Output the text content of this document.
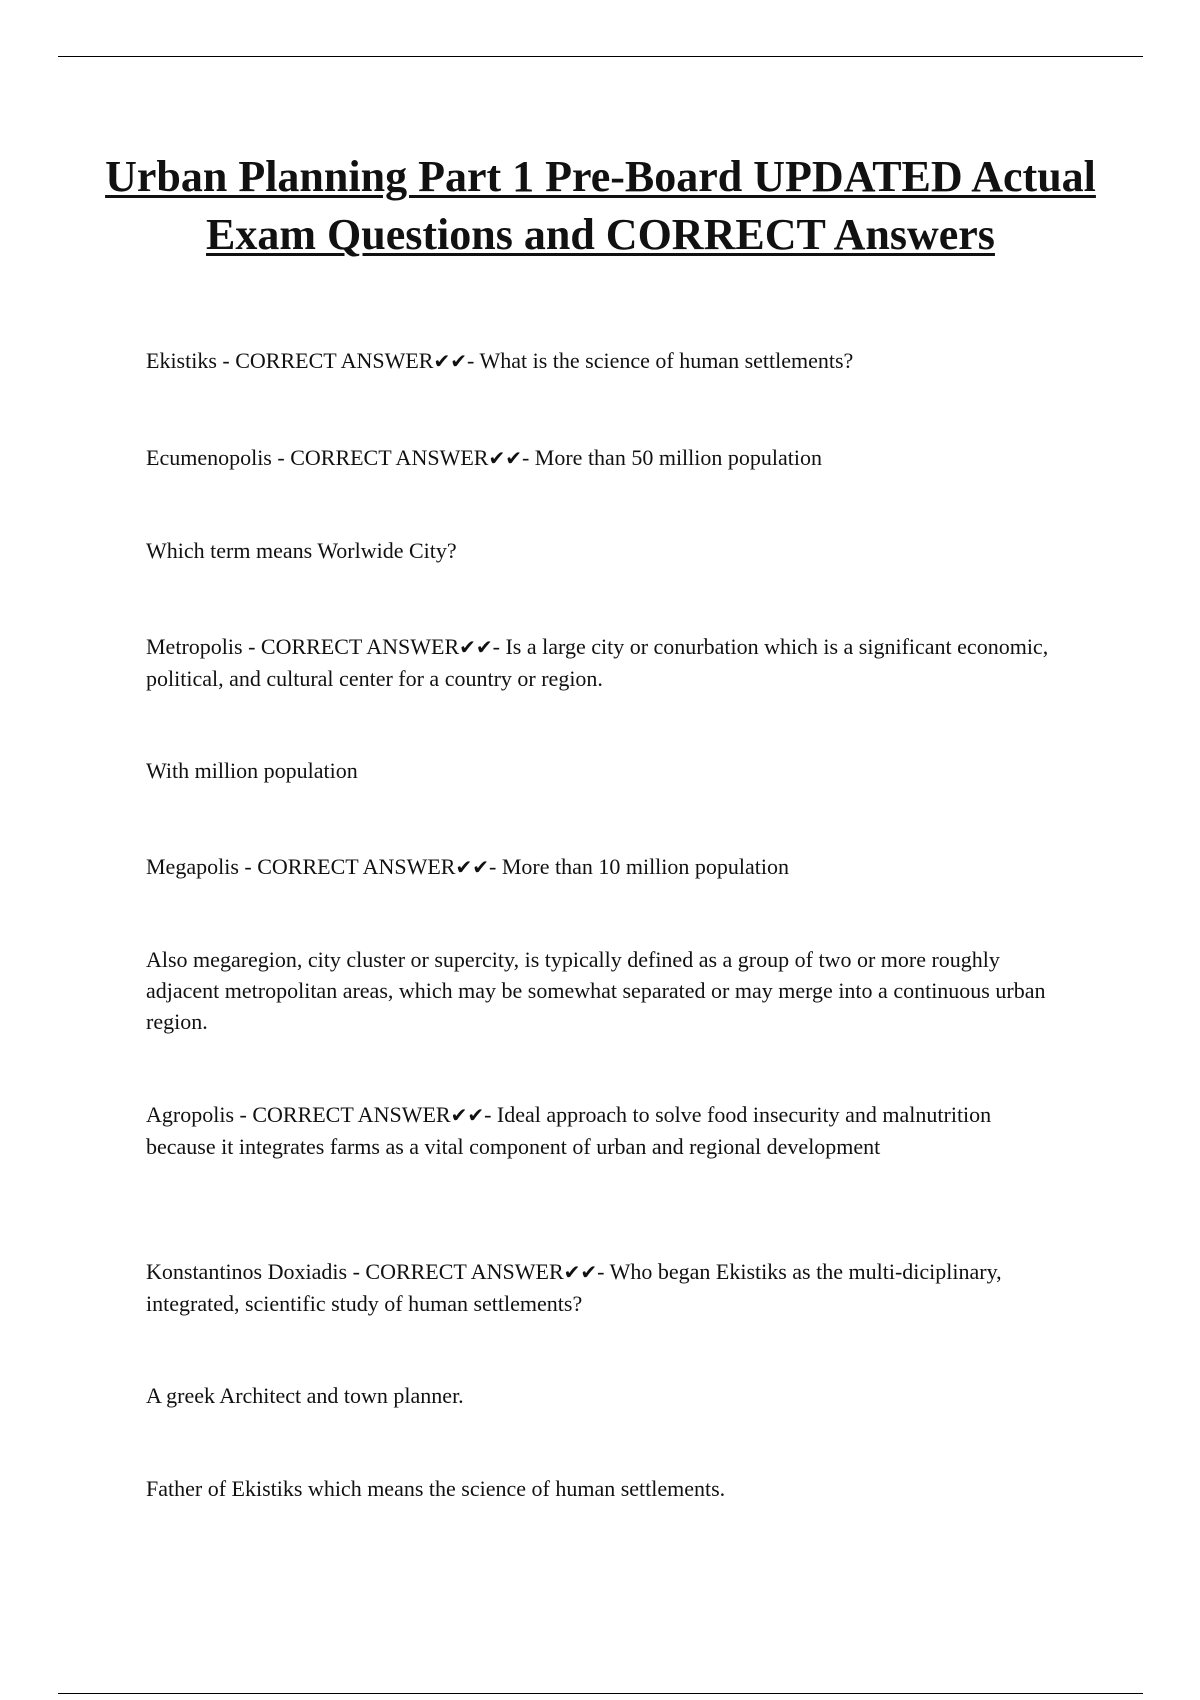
Urban Planning Part 1 Pre-Board UPDATED Actual Exam Questions and CORRECT Answers

Ekistiks - CORRECT ANSWER✔✔- What is the science of human settlements?

Ecumenopolis - CORRECT ANSWER✔✔- More than 50 million population

Which term means Worlwide City?

Metropolis - CORRECT ANSWER✔✔- Is a large city or conurbation which is a significant economic, political, and cultural center for a country or region.

With million population

Megapolis - CORRECT ANSWER✔✔- More than 10 million population

Also megaregion, city cluster or supercity, is typically defined as a group of two or more roughly adjacent metropolitan areas, which may be somewhat separated or may merge into a continuous urban region.

Agropolis - CORRECT ANSWER✔✔- Ideal approach to solve food insecurity and malnutrition because it integrates farms as a vital component of urban and regional development

Konstantinos Doxiadis - CORRECT ANSWER✔✔- Who began Ekistiks as the multi-diciplinary, integrated, scientific study of human settlements?

A greek Architect and town planner.

Father of Ekistiks which means the science of human settlements.
